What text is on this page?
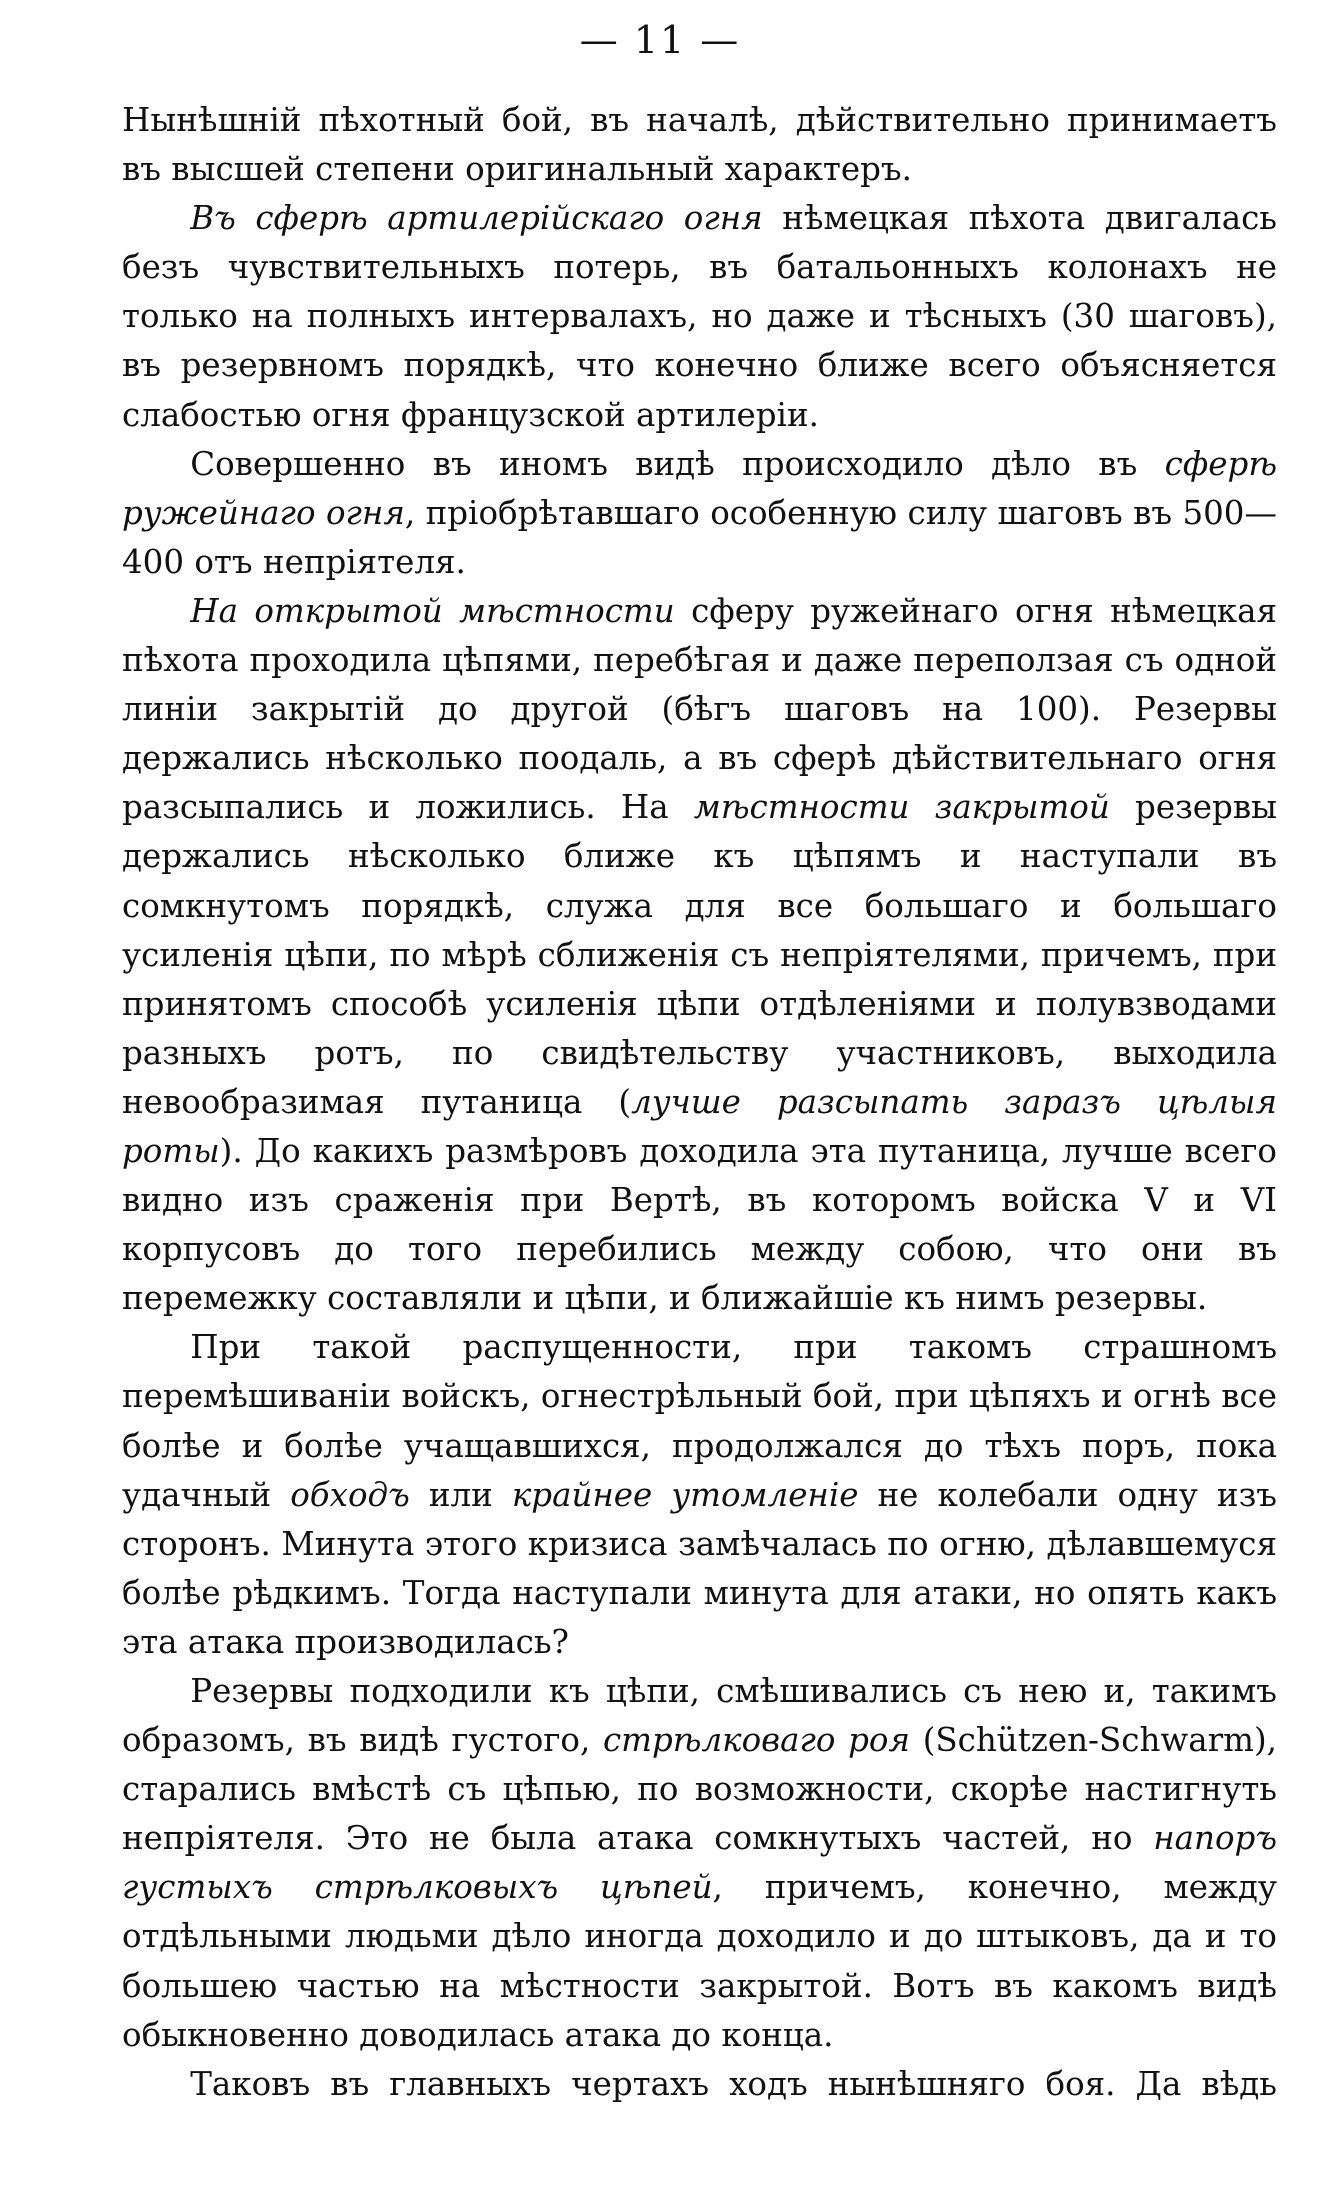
— 11 —

Нынѣшній пѣхотный бой, въ началѣ, дѣйствительно принимаетъ въ высшей степени оригинальный характеръ.

Въ сферѣ артилерійскаго огня нѣмецкая пѣхота двигалась безъ чувствительныхъ потерь, въ батальонныхъ колонахъ не только на полныхъ интервалахъ, но даже и тѣсныхъ (30 шаговъ), въ резервномъ порядкѣ, что конечно ближе всего объясняется слабостью огня французской артилеріи.

Совершенно въ иномъ видѣ происходило дѣло въ сферѣ ружейнаго огня, пріобрѣтавшаго особенную силу шаговъ въ 500—400 отъ непріятеля.

На открытой мѣстности сферу ружейнаго огня нѣмецкая пѣхота проходила цѣпями, перебѣгая и даже переползая съ одной линіи закрытій до другой (бѣгъ шаговъ на 100). Резервы держались нѣсколько поодаль, а въ сферѣ дѣйствительнаго огня разсыпались и ложились. На мѣстности закрытой резервы держались нѣсколько ближе къ цѣпямъ и наступали въ сомкнутомъ порядкѣ, служа для все большаго и большаго усиленія цѣпи, по мѣрѣ сближенія съ непріятелями, причемъ, при принятомъ способѣ усиленія цѣпи отдѣленіями и полувзводами разныхъ ротъ, по свидѣтельству участниковъ, выходила невообразимая путаница (лучше разсыпать заразъ цѣлыя роты). До какихъ размѣровъ доходила эта путаница, лучше всего видно изъ сраженія при Вертѣ, въ которомъ войска V и VI корпусовъ до того перебились между собою, что они въ перемежку составляли и цѣпи, и ближайшіе къ нимъ резервы.

При такой распущенности, при такомъ страшномъ перемѣшиваніи войскъ, огнестрѣльный бой, при цѣпяхъ и огнѣ все болѣе и болѣе учащавшихся, продолжался до тѣхъ поръ, пока удачный обходъ или крайнее утомленіе не колебали одну изъ сторонъ. Минута этого кризиса замѣчалась по огню, дѣлавшемуся болѣе рѣдкимъ. Тогда наступали минута для атаки, но опять какъ эта атака производилась?

Резервы подходили къ цѣпи, смѣшивались съ нею и, такимъ образомъ, въ видѣ густого, стрѣлковаго роя (Schützen-Schwarm), старались вмѣстѣ съ цѣпью, по возможности, скорѣе настигнуть непріятеля. Это не была атака сомкнутыхъ частей, но напоръ густыхъ стрѣлковыхъ цѣпей, причемъ, конечно, между отдѣльными людьми дѣло иногда доходило и до штыковъ, да и то большею частью на мѣстности закрытой. Вотъ въ какомъ видѣ обыкновенно доводилась атака до конца.

Таковъ въ главныхъ чертахъ ходъ нынѣшняго боя. Да вѣдь
